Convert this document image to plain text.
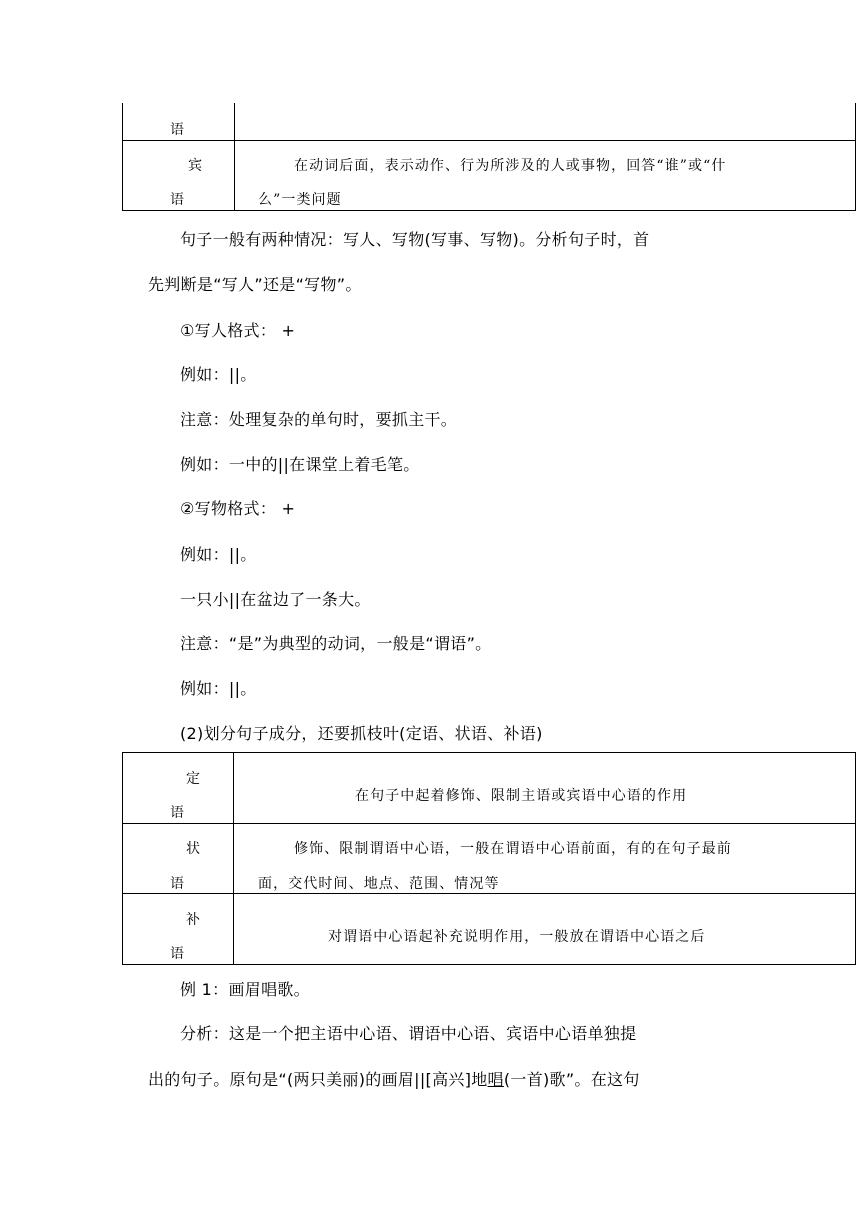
语
宾
语
在动词后面，表示动作、行为所涉及的人或事物，回答“谁”或“什
么”一类问题
句子一般有两种情况：写人、写物(写事、写物)。分析句子时，首
先判断是“写人”还是“写物”。
①写人格式： +
例如：||。
注意：处理复杂的单句时，要抓主干。
例如：一中的||在课堂上着毛笔。
②写物格式： +
例如：||。
一只小||在盆边了一条大。
注意：“是”为典型的动词，一般是“谓语”。
例如：||。
(2)划分句子成分，还要抓枝叶(定语、状语、补语)
定
语
在句子中起着修饰、限制主语或宾语中心语的作用
状
语
修饰、限制谓语中心语，一般在谓语中心语前面，有的在句子最前
面，交代时间、地点、范围、情况等
补
语
对谓语中心语起补充说明作用，一般放在谓语中心语之后
例 1：画眉唱歌。
分析：这是一个把主语中心语、谓语中心语、宾语中心语单独提
出的句子。原句是“(两只美丽)的画眉||[高兴]地唱(一首)歌”。在这句
